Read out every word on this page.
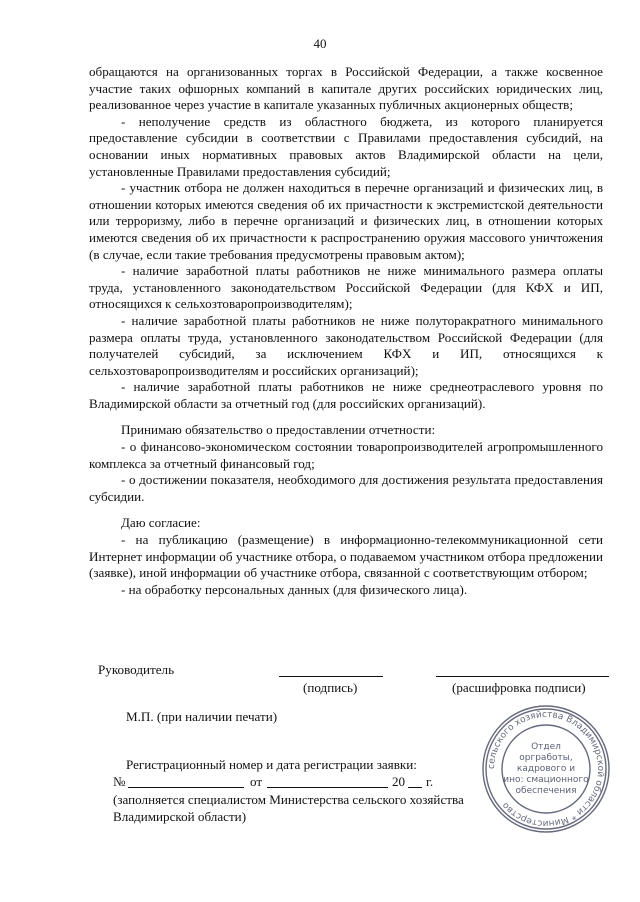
40

обращаются на организованных торгах в Российской Федерации, а также косвенное участие таких офшорных компаний в капитале других российских юридических лиц, реализованное через участие в капитале указанных публичных акционерных обществ;

- неполучение средств из областного бюджета, из которого планируется предоставление субсидии в соответствии с Правилами предоставления субсидий, на основании иных нормативных правовых актов Владимирской области на цели, установленные Правилами предоставления субсидий;

- участник отбора не должен находиться в перечне организаций и физических лиц, в отношении которых имеются сведения об их причастности к экстремистской деятельности или терроризму, либо в перечне организаций и физических лиц, в отношении которых имеются сведения об их причастности к распространению оружия массового уничтожения (в случае, если такие требования предусмотрены правовым актом);

- наличие заработной платы работников не ниже минимального размера оплаты труда, установленного законодательством Российской Федерации (для КФХ и ИП, относящихся к сельхозтоваропроизводителям);

- наличие заработной платы работников не ниже полуторакратного минимального размера оплаты труда, установленного законодательством Российской Федерации (для получателей субсидий, за исключением КФХ и ИП, относящихся к сельхозтоваропроизводителям и российских организаций);

- наличие заработной платы работников не ниже среднеотраслевого уровня по Владимирской области за отчетный год (для российских организаций).

Принимаю обязательство о предоставлении отчетности:

- о финансово-экономическом состоянии товаропроизводителей агропромышленного комплекса за отчетный финансовый год;

- о достижении показателя, необходимого для достижения результата предоставления субсидии.

Даю согласие:

- на публикацию (размещение) в информационно-телекоммуникационной сети Интернет информации об участнике отбора, о подаваемом участником отбора предложении (заявке), иной информации об участнике отбора, связанной с соответствующим отбором;

- на обработку персональных данных (для физического лица).

Руководитель
(подпись)	(расшифровка подписи)
М.П. (при наличии печати)
Регистрационный номер и дата регистрации заявки:
№	от	20 г.
(заполняется специалистом Министерства сельского хозяйства
Владимирской области)
сельского хозяйства Владимирской области * Министерство
Отдел
оргработы,
кадрового и
ино: смационного
обеспечения
